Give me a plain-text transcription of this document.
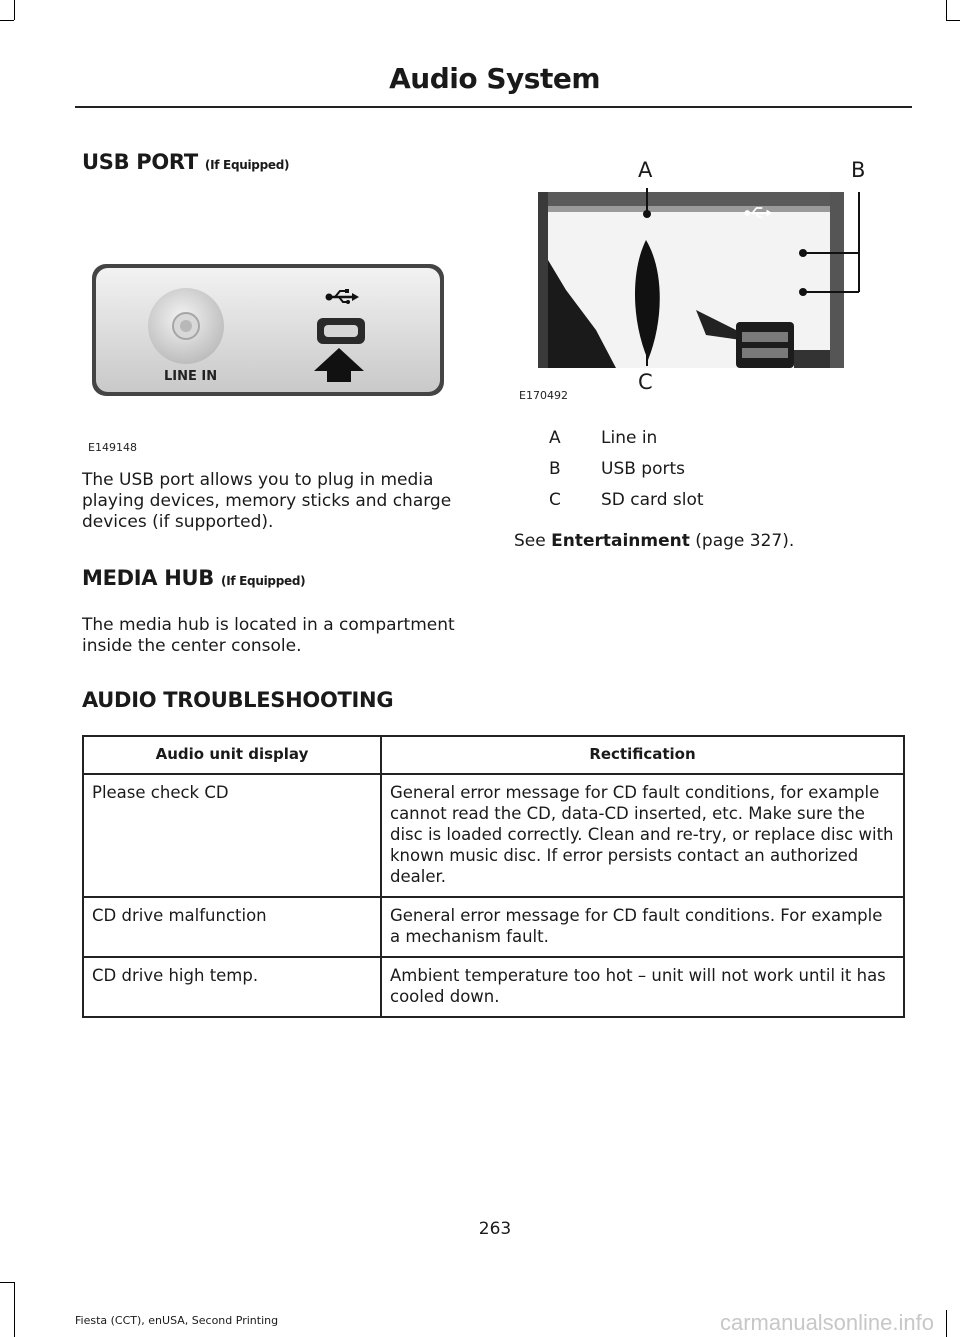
Audio System
USB PORT (If Equipped)
LINE IN
E149148
The USB port allows you to plug in media playing devices, memory sticks and charge devices (if supported).
MEDIA HUB (If Equipped)
The media hub is located in a compartment inside the center console.
A	B
C
E170492
A Line in
B USB ports
C SD card slot
See Entertainment (page 327).
AUDIO TROUBLESHOOTING
Audio unit display	Rectification
Please check CD	General error message for CD fault conditions, for example cannot read the CD, data-CD inserted, etc. Make sure the disc is loaded correctly. Clean and re-try, or replace disc with known music disc. If error persists contact an authorized dealer.
CD drive malfunction	General error message for CD fault conditions. For example a mechanism fault.
CD drive high temp.	Ambient temperature too hot – unit will not work until it has cooled down.
263
Fiesta (CCT), enUSA, Second Printing	carmanualsonline.info
